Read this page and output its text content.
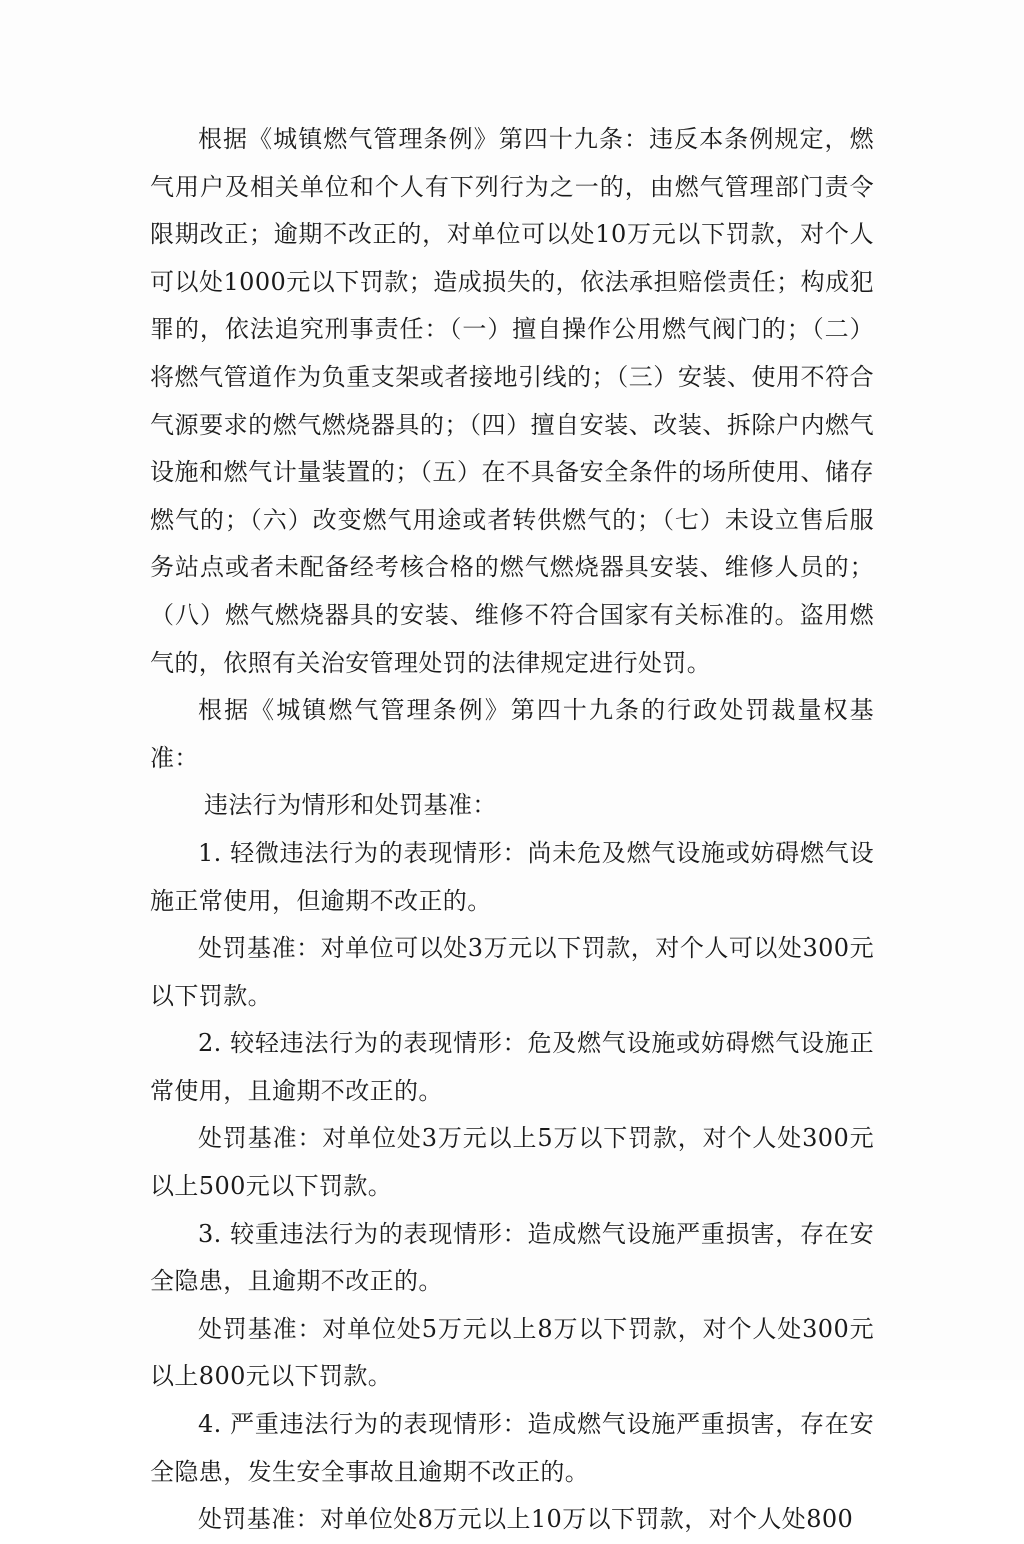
根据《城镇燃气管理条例》第四十九条：违反本条例规定，燃气用户及相关单位和个人有下列行为之一的，由燃气管理部门责令限期改正；逾期不改正的，对单位可以处10万元以下罚款，对个人可以处1000元以下罚款；造成损失的，依法承担赔偿责任；构成犯罪的，依法追究刑事责任：（一）擅自操作公用燃气阀门的；（二）将燃气管道作为负重支架或者接地引线的；（三）安装、使用不符合气源要求的燃气燃烧器具的；（四）擅自安装、改装、拆除户内燃气设施和燃气计量装置的；（五）在不具备安全条件的场所使用、储存燃气的；（六）改变燃气用途或者转供燃气的；（七）未设立售后服务站点或者未配备经考核合格的燃气燃烧器具安装、维修人员的；（八）燃气燃烧器具的安装、维修不符合国家有关标准的。盗用燃气的，依照有关治安管理处罚的法律规定进行处罚。

根据《城镇燃气管理条例》第四十九条的行政处罚裁量权基准：

违法行为情形和处罚基准：

1. 轻微违法行为的表现情形：尚未危及燃气设施或妨碍燃气设施正常使用，但逾期不改正的。

处罚基准：对单位可以处3万元以下罚款，对个人可以处300元以下罚款。

2. 较轻违法行为的表现情形：危及燃气设施或妨碍燃气设施正常使用，且逾期不改正的。

处罚基准：对单位处3万元以上5万以下罚款，对个人处300元以上500元以下罚款。

3. 较重违法行为的表现情形：造成燃气设施严重损害，存在安全隐患，且逾期不改正的。

处罚基准：对单位处5万元以上8万以下罚款，对个人处300元以上800元以下罚款。

4. 严重违法行为的表现情形：造成燃气设施严重损害，存在安全隐患，发生安全事故且逾期不改正的。

处罚基准：对单位处8万元以上10万以下罚款，对个人处800
